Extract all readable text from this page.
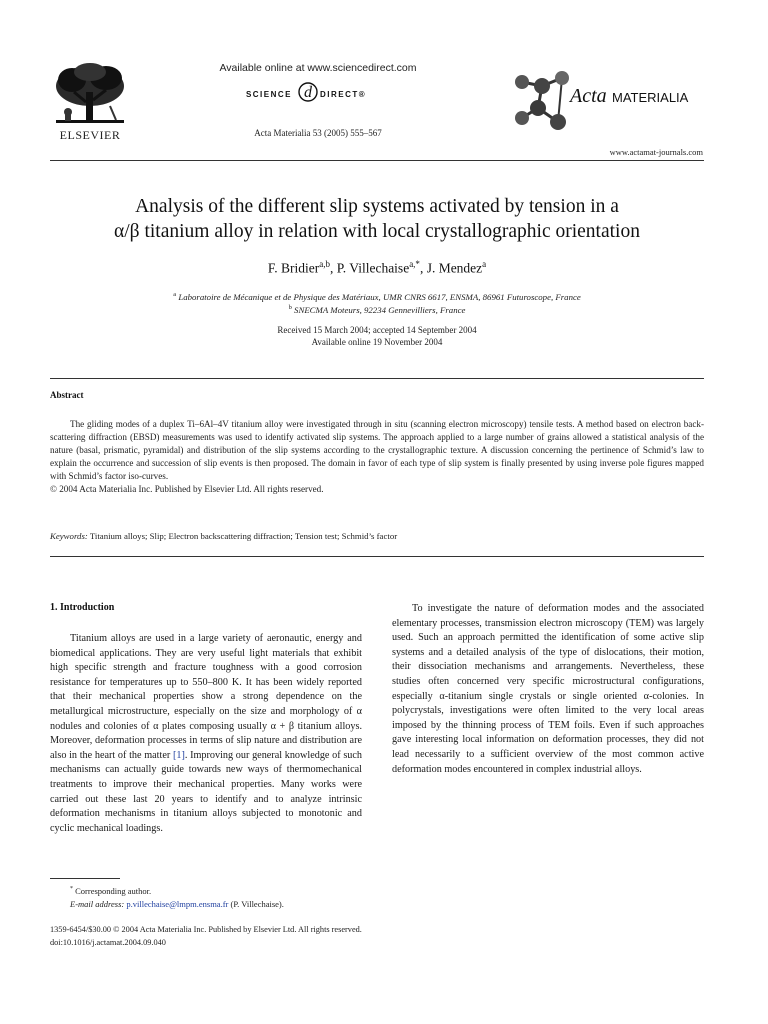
ELSEVIER
Available online at www.sciencedirect.com
SCIENCE d DIRECT®
Acta Materialia 53 (2005) 555–567
Acta MATERIALIA
www.actamat-journals.com
Analysis of the different slip systems activated by tension in a
α/β titanium alloy in relation with local crystallographic orientation
F. Bridier$^{a,b}$, P. Villechaise$^{a,*}$, J. Mendez$^a$
$^a$ Laboratoire de Mécanique et de Physique des Matériaux, UMR CNRS 6617, ENSMA, 86961 Futuroscope, France
$^b$ SNECMA Moteurs, 92234 Gennevilliers, France
Received 15 March 2004; accepted 14 September 2004
Available online 19 November 2004
Abstract

The gliding modes of a duplex Ti–6Al–4V titanium alloy were investigated through in situ (scanning electron microscopy) tensile tests. A method based on electron back-scattering diffraction (EBSD) measurements was used to identify activated slip systems. The approach applied to a large number of grains allowed a statistical analysis of the nature (basal, prismatic, pyramidal) and distribution of the slip systems according to the crystallographic texture. A discussion concerning the pertinence of Schmid’s law to explain the occurrence and succession of slip events is then proposed. The domain in favor of each type of slip system is finally presented by using inverse pole figures mapped with Schmid’s factor iso-curves.

© 2004 Acta Materialia Inc. Published by Elsevier Ltd. All rights reserved.

Keywords: Titanium alloys; Slip; Electron backscattering diffraction; Tension test; Schmid’s factor
1. Introduction

Titanium alloys are used in a large variety of aeronautic, energy and biomedical applications. They are very useful light materials that exhibit high specific strength and fracture toughness with a good corrosion resistance for temperatures up to 550–800 K. It has been widely reported that their mechanical properties show a strong dependence on the metallurgical microstructure, especially on the size and morphology of α nodules and colonies of α plates composing usually α + β titanium alloys. Moreover, deformation processes in terms of slip nature and distribution are also in the heart of the matter [1]. Improving our general knowledge of such mechanisms can actually guide towards new ways of thermomechanical treatments to improve their mechanical properties. Many works were carried out these last 20 years to identify and to analyze intrinsic deformation mechanisms in titanium alloys subjected to monotonic and cyclic mechanical loadings.

To investigate the nature of deformation modes and the associated elementary processes, transmission electron microscopy (TEM) was largely used. Such an approach permitted the identification of some active slip systems and a detailed analysis of the type of dislocations, their motion, their dissociation mechanisms and arrangements. Nevertheless, these studies often concerned very specific microstructural configurations, especially α-titanium single crystals or single oriented α-colonies. In polycrystals, investigations were often limited to the very local areas imposed by the thinning process of TEM foils. Even if such approaches gave interesting local information on deformation processes, they did not lead necessarily to a sufficient overview of the most common active deformation modes encountered in complex industrial alloys.

* Corresponding author.
E-mail address: p.villechaise@lmpm.ensma.fr (P. Villechaise).
1359-6454/$30.00 © 2004 Acta Materialia Inc. Published by Elsevier Ltd. All rights reserved.
doi:10.1016/j.actamat.2004.09.040
